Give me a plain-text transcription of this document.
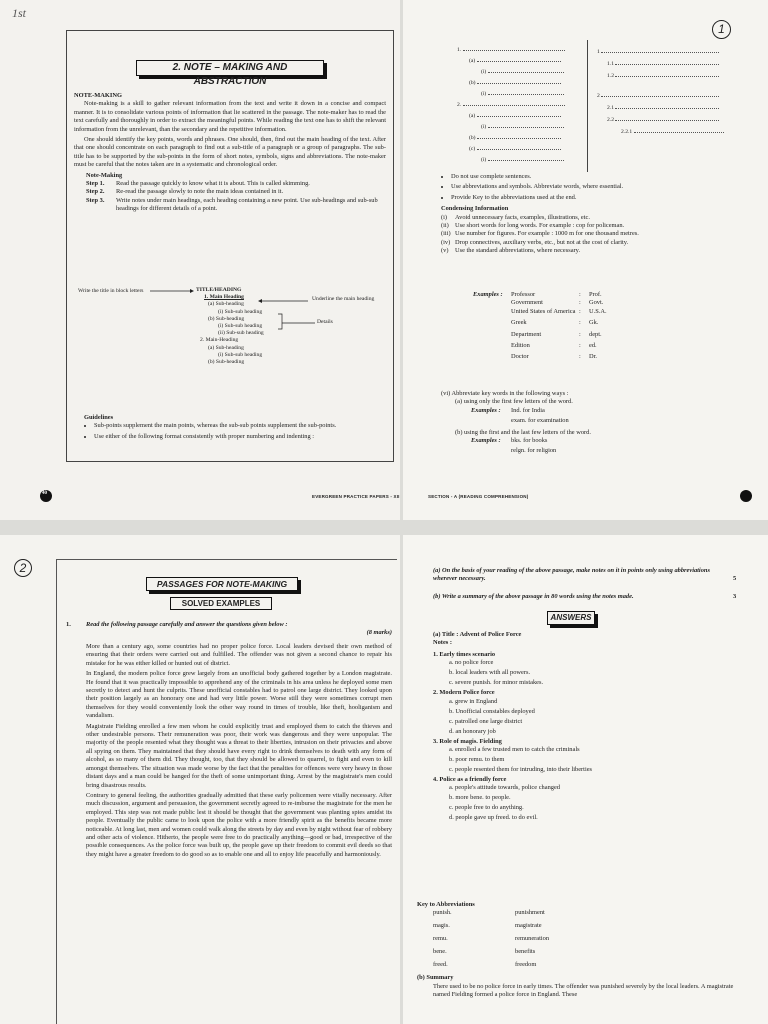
1st
2. NOTE – MAKING AND ABSTRACTION
NOTE-MAKING

Note-making is a skill to gather relevant information from the text and write it down in a concise and compact manner. It is to consolidate various points of information that lie scattered in the passage. The note-maker has to read the text carefully and thoroughly in order to extract the meaningful points. While reading the text one has to shift the relevant information from the unrelevant, than the secondary and the repetitive information.

One should identify the key points, words and phrases. One should, then, find out the main heading of the text. After that one should concentrate on each paragraph to find out a sub-title of a paragraph or a group of paragraphs. The sub-title has to be supported by the sub-points in the form of short notes, symbols, signs and abbreviations. The note-maker must be careful that the notes taken are in a systematic and chronological order.

Note-Making
Step 1.	Read the passage quickly to know what it is about. This is called skimming.
Step 2.	Re-read the passage slowly to note the main ideas contained in it.
Step 3.	Write notes under main headings, each heading containing a new point. Use sub-headings and sub-sub headings for different details of a point.
Write the title in block letters
Underline the main heading
Details
TITLE/HEADING
1. Main Heading
(a) Sub-heading
(i) Sub-sub heading
(b) Sub-heading
(i) Sub-sub heading
(ii) Sub-sub heading
2. Main-Heading
(a) Sub-heading
(i) Sub-sub heading
(b) Sub-heading
Guidelines
• Sub-points supplement the main points, whereas the sub-sub points supplement the sub-points.
• Use either of the following format consistently with proper numbering and indenting :
40
EVERGREEN PRACTICE PAPERS - XII
1
1.
(a)
(i)
(b)
(i)
2.
(a)
(i)
(b)
(c)
(i)
1
1.1
1.2
2
2.1
2.2
2.2.1
• Do not use complete sentences.
• Use abbreviations and symbols. Abbreviate words, where essential.
• Provide Key to the abbreviations used at the end.
Condensing Information
(i)	Avoid unnecessary facts, examples, illustrations, etc.
(ii) Use short words for long words. For example : cop for policeman.
(iii) Use number for figures. For example : 1000 m for one thousand metres.
(iv) Drop connectives, auxiliary verbs, etc., but not at the cost of clarity.
(v)	Use the standard abbreviations, where necessary.
Examples :	Professor	:	Prof.
Government	:	Govt.
United States of America :	U.S.A.
Greek	:	Gk.
Department	:	dept.
Edition	:	ed.
Doctor	:	Dr.
(vi) Abbreviate key words in the following ways :
(a) using only the first few letters of the word.
Examples :	Ind. for India
exam. for examination
(b) using the first and the last few letters of the word.
Examples :	bks. for books
relgn. for religion
SECTION - A (READING COMPREHENSION)
2
PASSAGES FOR NOTE-MAKING
SOLVED EXAMPLES
1.	Read the following passage carefully and answer the questions given below :
(8 marks)

More than a century ago, some countries had no proper police force. Local leaders devised their own method of ensuring that their orders were carried out and fulfilled. The offender was not given a second chance to repair his mistake for he was either killed or hunted out of district.

In England, the modern police force grew largely from an unofficial body gathered together by a London magistrate. He found that it was practically impossible to apprehend any of the criminals in his area unless he deployed some men secretly to detect and hunt the culprits. These unofficial constables had to patrol one large district. They looked upon their position largely as an honorary one and had very little power. Worse still they were sometimes corrupt men themselves for they would conveniently look the other way round in times of trouble, like theft, hooliganism and vandalism.

Magistrate Fielding enrolled a few men whom he could explicitly trust and employed them to catch the thieves and other undesirable persons. Their remuneration was poor, their work was dangerous and they were unpopular. The majority of the people resented what they thought was a threat to their liberties, intrusion on their privacies and above all spying on them. They maintained that they should have every right to drink themselves to death with any form of alcohol, as so many of them did. They thought, too, that they should be allowed to quarrel, to fight and even to kill amongst themselves. The situation was made worse by the fact that the penalties for offences were very heavy in those distant days and a man could be hanged for the theft of some unimportant thing. Arrest by the magistrate's men could bring disastrous results.

Contrary to general feeling, the authorities gradually admitted that these early policemen were vitally necessary. After much discussion, argument and persuasion, the government secretly agreed to re-imburse the magistrate for the men he employed. This step was not made public lest it should be thought that the government was planting spies amidst its people. Eventually the public came to look upon the police with a more friendly spirit as the benefits became more noticeable. At long last, men and women could walk along the streets by day and even by night without fear of robbery and other acts of violence. Hitherto, the people were free to do practically anything—good or bad, irrespective of the possible consequences. As the police force was built up, the people gave up their freedom to commit evil deeds so that they might have a greater freedom to do good so as to enable one and all to enjoy life peacefully and harmoniously.

(a) On the basis of your reading of the above passage, make notes on it in points only using abbreviations wherever necessary.	5
(b) Write a summary of the above passage in 80 words using the notes made.	3
ANSWERS
(a) Title : Advent of Police Force
Notes :
1. Early times scenario
a. no police force
b. local leaders with all powers.
c. severe punish. for minor mistakes.
2. Modern Police force
a. grew in England
b. Unofficial constables deployed
c. patrolled one large district
d. an honorary job
3. Role of magis. Fielding
a. enrolled a few trusted men to catch the criminals
b. poor remu. to them
c. people resented them for intruding, into their liberties
4. Police as a friendly force
a. people's attitude towards, police changed
b. more bene. to people.
c. people free to do anything.
d. people gave up freed. to do evil.
Key to Abbreviations
punish.	punishment
magis.	magistrate
remu.	remuneration
bene.	benefits
freed.	freedom
(b) Summary
There used to be no police force in early times. The offender was punished severely by the local leaders. A magistrate named Fielding formed a police force in England. These
